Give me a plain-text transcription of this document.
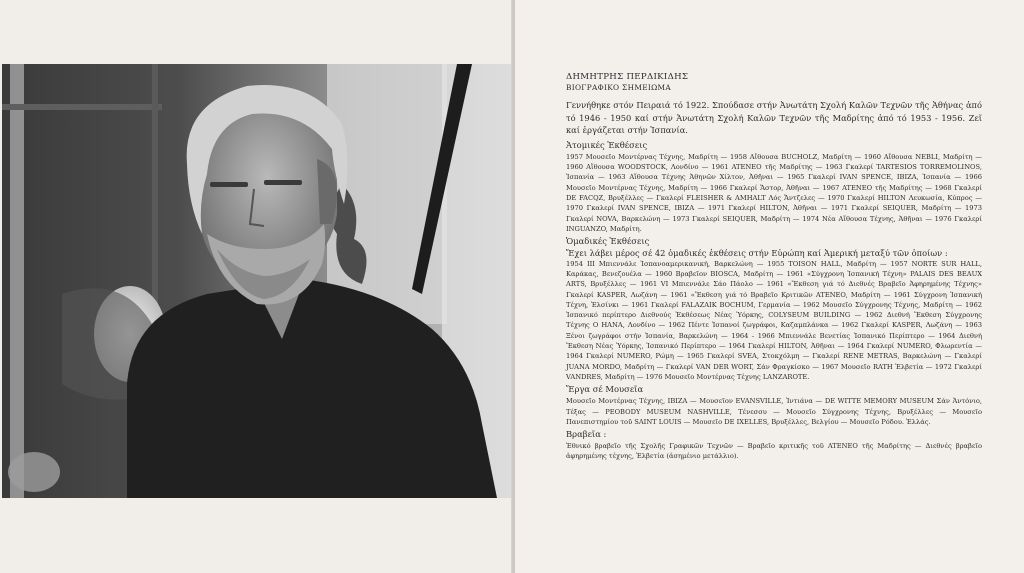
ΔΗΜΗΤΡΗΣ ΠΕΡΔΙΚΙΔΗΣ

ΒΙΟΓΡΑΦΙΚΟ ΣΗΜΕΙΩΜΑ

Γεννήθηκε στόν Πειραιά τό 1922. Σπούδασε στήν Ἀνωτάτη Σχολή Καλῶν Τεχνῶν τῆς Ἀθήνας ἀπό τό 1946 - 1950 καί στήν Ἀνωτάτη Σχολή Καλῶν Τεχνῶν τῆς Μαδρίτης ἀπό τό 1953 - 1956. Ζεῖ καί ἐργάζεται στήν Ἰσπανία.

Ἀτομικές Ἐκθέσεις

1957 Μουσεῖο Μοντέρνας Τέχνης, Μαδρίτη — 1958 Αἴθουσα BUCHOLZ, Μαδρίτη — 1960 Αἴθουσα NEBLI, Μαδρίτη — 1960 Αἴθουσα WOODSTOCK, Λονδίνο — 1961 ATENEO τῆς Μαδρίτης — 1963 Γκαλερί TARTESIOS TORREMOLINOS, Ἰσπανία — 1963 Αἴθουσα Τέχνης Ἀθηνῶν Χίλτον, Ἀθῆναι — 1965 Γκαλερί IVAN SPENCE, IBIZA, Ἰσπανία — 1966 Μουσεῖο Μοντέρνας Τέχνης, Μαδρίτη — 1966 Γκαλερί Ἄστορ, Ἀθῆναι — 1967 ATENEO τῆς Μαδρίτης — 1968 Γκαλερί DE FACQZ, Βρυξέλλες — Γκαλερί FLEISHER & AMHALT Λός Ἄντζελες — 1970 Γκαλερί HILTON Λευκωσία, Κύπρος — 1970 Γκαλερί IVAN SPENCE, IBIZA — 1971 Γκαλερί HILTON, Ἀθῆναι — 1971 Γκαλερί SEIQUER, Μαδρίτη — 1973 Γκαλερί NOVA, Βαρκελώνη — 1973 Γκαλερί SEIQUER, Μαδρίτη — 1974 Νέα Αἴθουσα Τέχνης, Ἀθῆναι — 1976 Γκαλερί INGUANZO, Μαδρίτη.

Ὁμαδικές Ἐκθέσεις

Ἔχει λάβει μέρος σέ 42 ὁμαδικές ἐκθέσεις στήν Εὐρώπη καί Ἀμερική μεταξύ τῶν ὁποίων :

1954 III Μπιεννάλε Ἰσπανοαμερικανική, Βαρκελώνη — 1955 TOISON HALL, Μαδρίτη — 1957 NORTE SUR HALL, Καράκας, Βενεζουέλα — 1960 Βραβεῖον BIOSCA, Μαδρίτη — 1961 «Σύγχρονη Ἰσπανική Τέχνη» PALAIS DES BEAUX ARTS, Βρυξέλλες — 1961 VI Μπιεννάλε Σάο Πάολο — 1961 «Ἔκθεση γιά τό Διεθνές Βραβεῖο Ἀφηρημένης Τέχνης» Γκαλερί KASPER, Λωζάνη — 1961 «Ἔκθεση γιά τό Βραβεῖο Κριτικῶν ATENEO, Μαδρίτη — 1961 Σύγχρονη Ἰσπανική Τέχνη, Ἐλσίνκι — 1961 Γκαλερί FALAZAIK BOCHUM, Γερμανία — 1962 Μουσεῖο Σύγχρονης Τέχνης, Μαδρίτη — 1962 Ἰσπανικό περίπτερο Διεθνούς Ἐκθέσεως Νέας Ὑόρκης, COLYSEUM BUILDING — 1962 Διεθνή Ἔκθεση Σύγχρονης Τέχνης Ο HANA, Λονδίνο — 1962 Πέντε Ἰσπανοί ζωγράφοι, Καζαμπλάνκα — 1962 Γκαλερί KASPER, Λωζάνη — 1963 Ξένοι ζωγράφοι στήν Ἰσπανία, Βαρκελώνη — 1964 - 1966 Μπιεννάλε Βενετίας Ἰσπανικό Περίπτερο — 1964 Διεθνή Ἔκθεση Νέας Ὑόρκης, Ἰσπανικό Περίπτερο — 1964 Γκαλερί HILTON, Ἀθῆναι — 1964 Γκαλερί NUMERO, Φλωρεντία — 1964 Γκαλερί NUMERO, Ρώμη — 1965 Γκαλερί SVEA, Στοκχόλμη — Γκαλερί RENE METRAS, Βαρκελώνη — Γκαλερί JUANA MORDO, Μαδρίτη — Γκαλερί VAN DER WORT, Σάν Φραγκίσκο — 1967 Μουσεῖο RATH Ἑλβετία — 1972 Γκαλερί VANDRES, Μαδρίτη — 1976 Μουσεῖο Μοντέρνας Τέχνης LANZAROTE.

Ἔργα σέ Μουσεῖα

Μουσεῖο Μοντέρνας Τέχνης, IBIZA — Μουσεῖον EVANSVILLE, Ἰντιάνα — DE WITTE MEMORY MUSEUM Σάν Ἀντόνιο, Τέξας — PEOBODY MUSEUM NASHVILLE, Τένεσσυ — Μουσεῖο Σύγχρονης Τέχνης, Βρυξέλλες — Μουσεῖο Πανεπιστημίου τοῦ SAINT LOUIS — Μουσεῖο DE IXELLES, Βρυξέλλες, Βελγίου — Μουσεῖο Ρόδου. Ἑλλάς.

Βραβεῖα :

Ἐθνικό βραβεῖο τῆς Σχολῆς Γραφικῶν Τεχνῶν — Βραβεῖο κριτικῆς τοῦ ATENEO τῆς Μαδρίτης — Διεθνές βραβεῖο ἀφηρημένης τέχνης, Ἑλβετία (ἀσημένιο μετάλλιο).
